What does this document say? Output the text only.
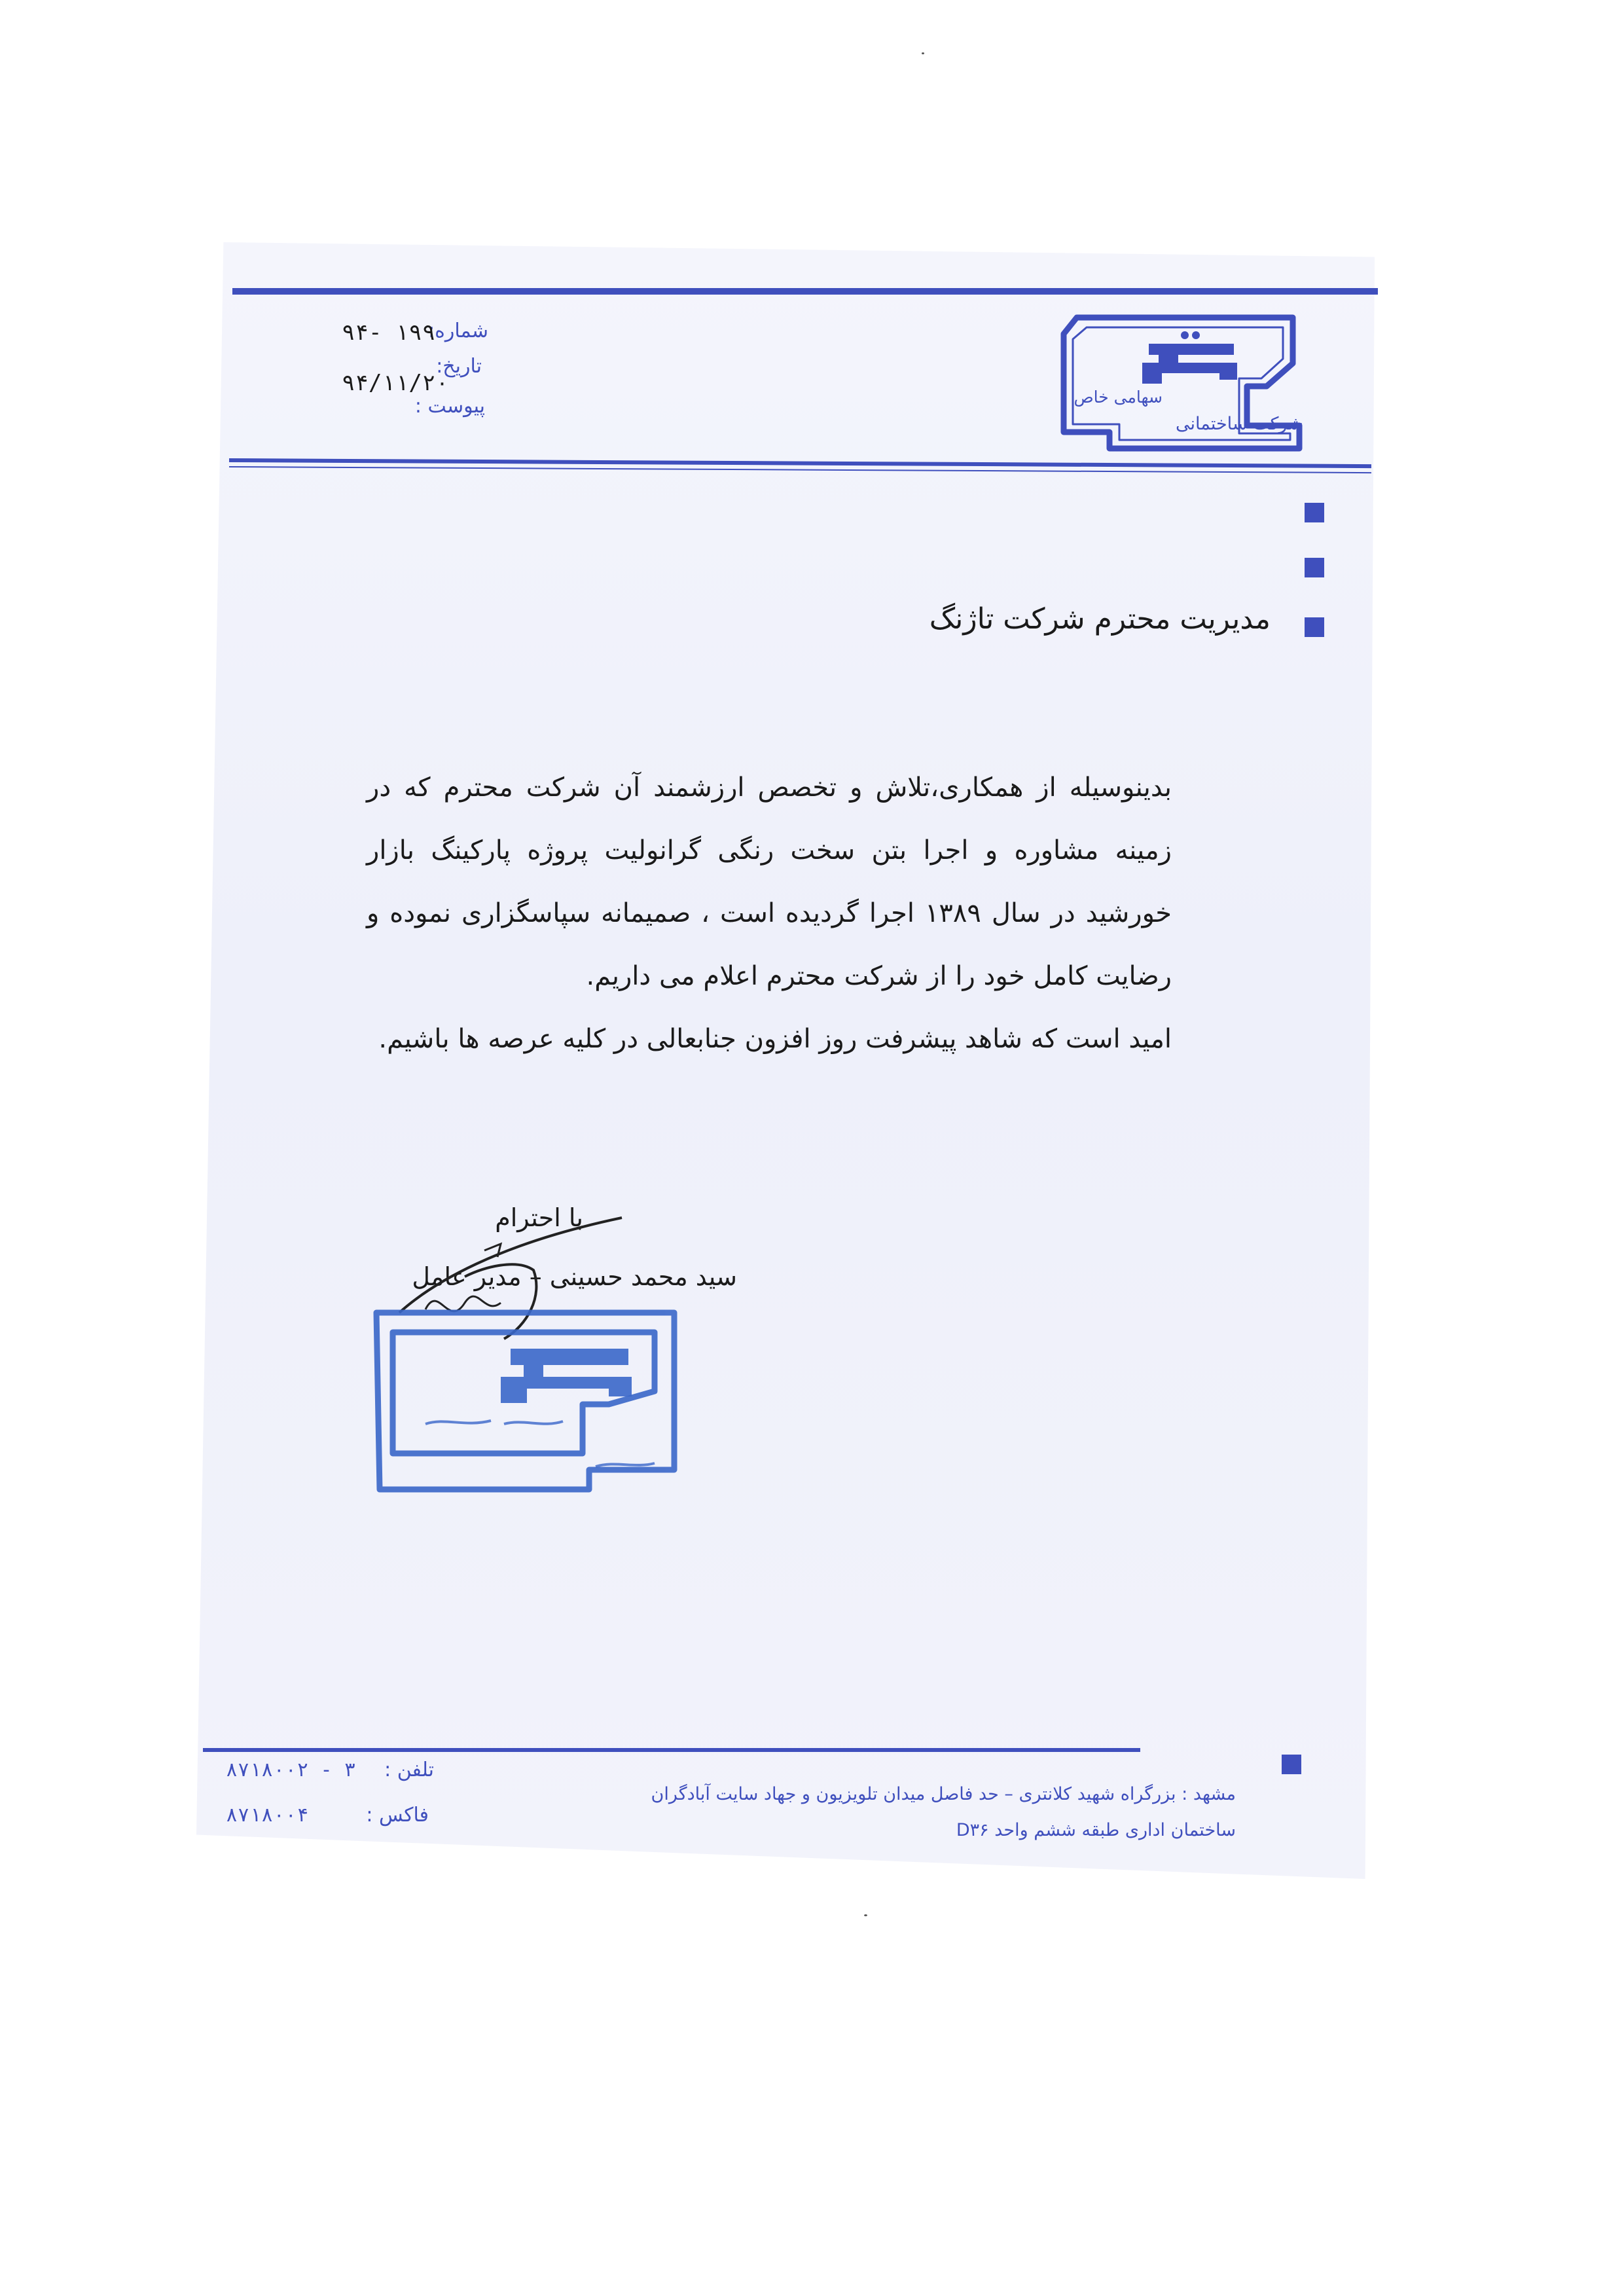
سهامی خاص
شرکت ساختمانی
شماره:
۹۴- ۱۹۹
تاریخ:
۹۴/۱۱/۲۰
پیوست :
مدیریت محترم شرکت تاژنگ

بدینوسیله از همکاری،تلاش و تخصص ارزشمند آن شرکت محترم که در زمینه مشاوره و اجرا بتن سخت رنگی گرانولیت پروژه پارکینگ بازار خورشید در سال ۱۳۸۹ اجرا گردیده است ، صمیمانه سپاسگزاری نموده و رضایت کامل خود را از شرکت محترم اعلام می داریم.

امید است که شاهد پیشرفت روز افزون جنابعالی در کلیه عرصه ها باشیم.

با احترام
سید محمد حسینی – مدیر عامل
تلفن :
۸۷۱۸۰۰۲ - ۳
فاکس :
۸۷۱۸۰۰۴
مشهد : بزرگراه شهید کلانتری – حد فاصل میدان تلویزیون و جهاد سایت آبادگران
ساختمان اداری طبقه ششم واحد D۳۶
